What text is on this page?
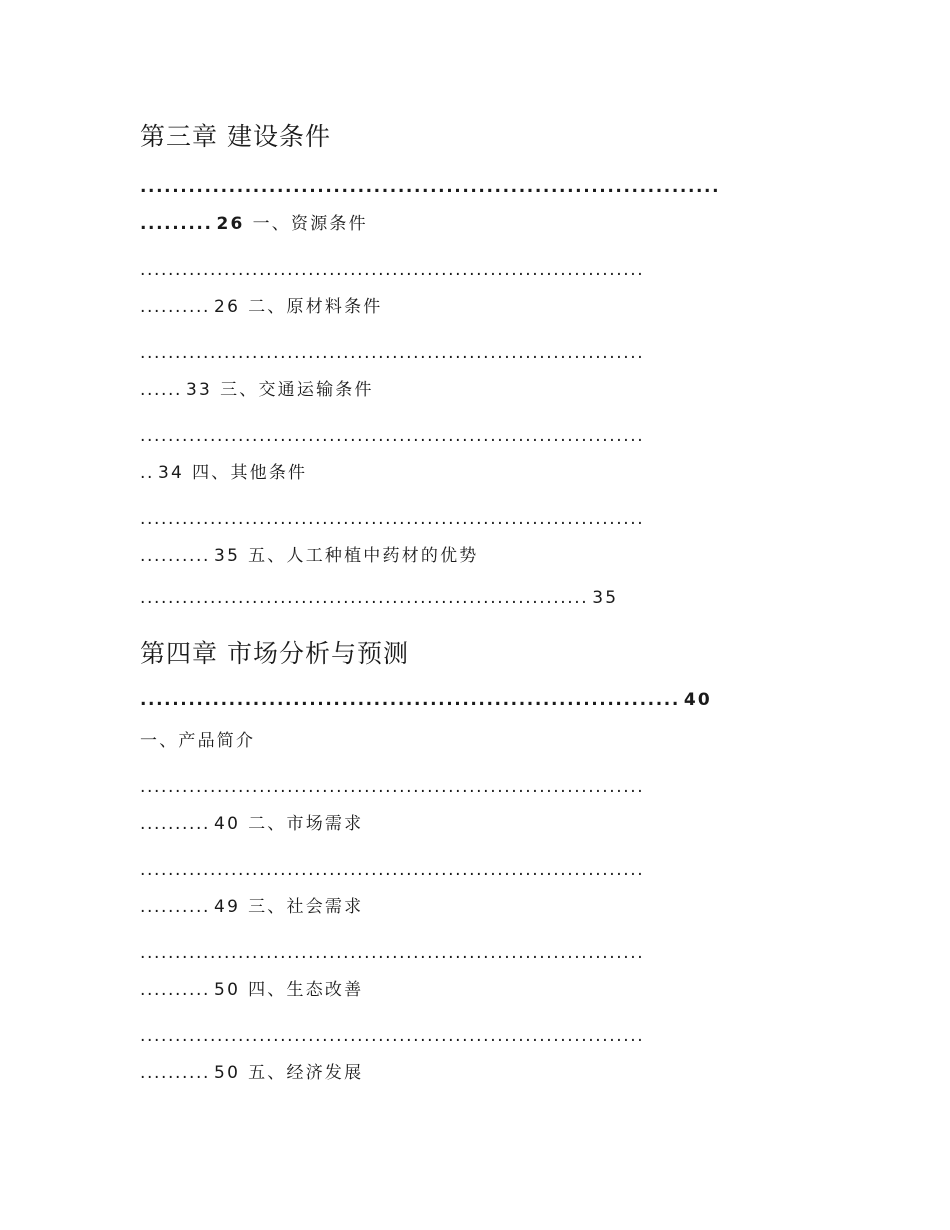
第三章 建设条件
........................................................................
......... 26 一、资源条件
........................................................................
.......... 26 二、原材料条件
........................................................................
...... 33 三、交通运输条件
........................................................................
.. 34 四、其他条件
........................................................................
.......... 35 五、人工种植中药材的优势
................................................................ 35
第四章 市场分析与预测
................................................................... 40
一、产品简介
........................................................................
.......... 40 二、市场需求
........................................................................
.......... 49 三、社会需求
........................................................................
.......... 50 四、生态改善
........................................................................
.......... 50 五、经济发展
